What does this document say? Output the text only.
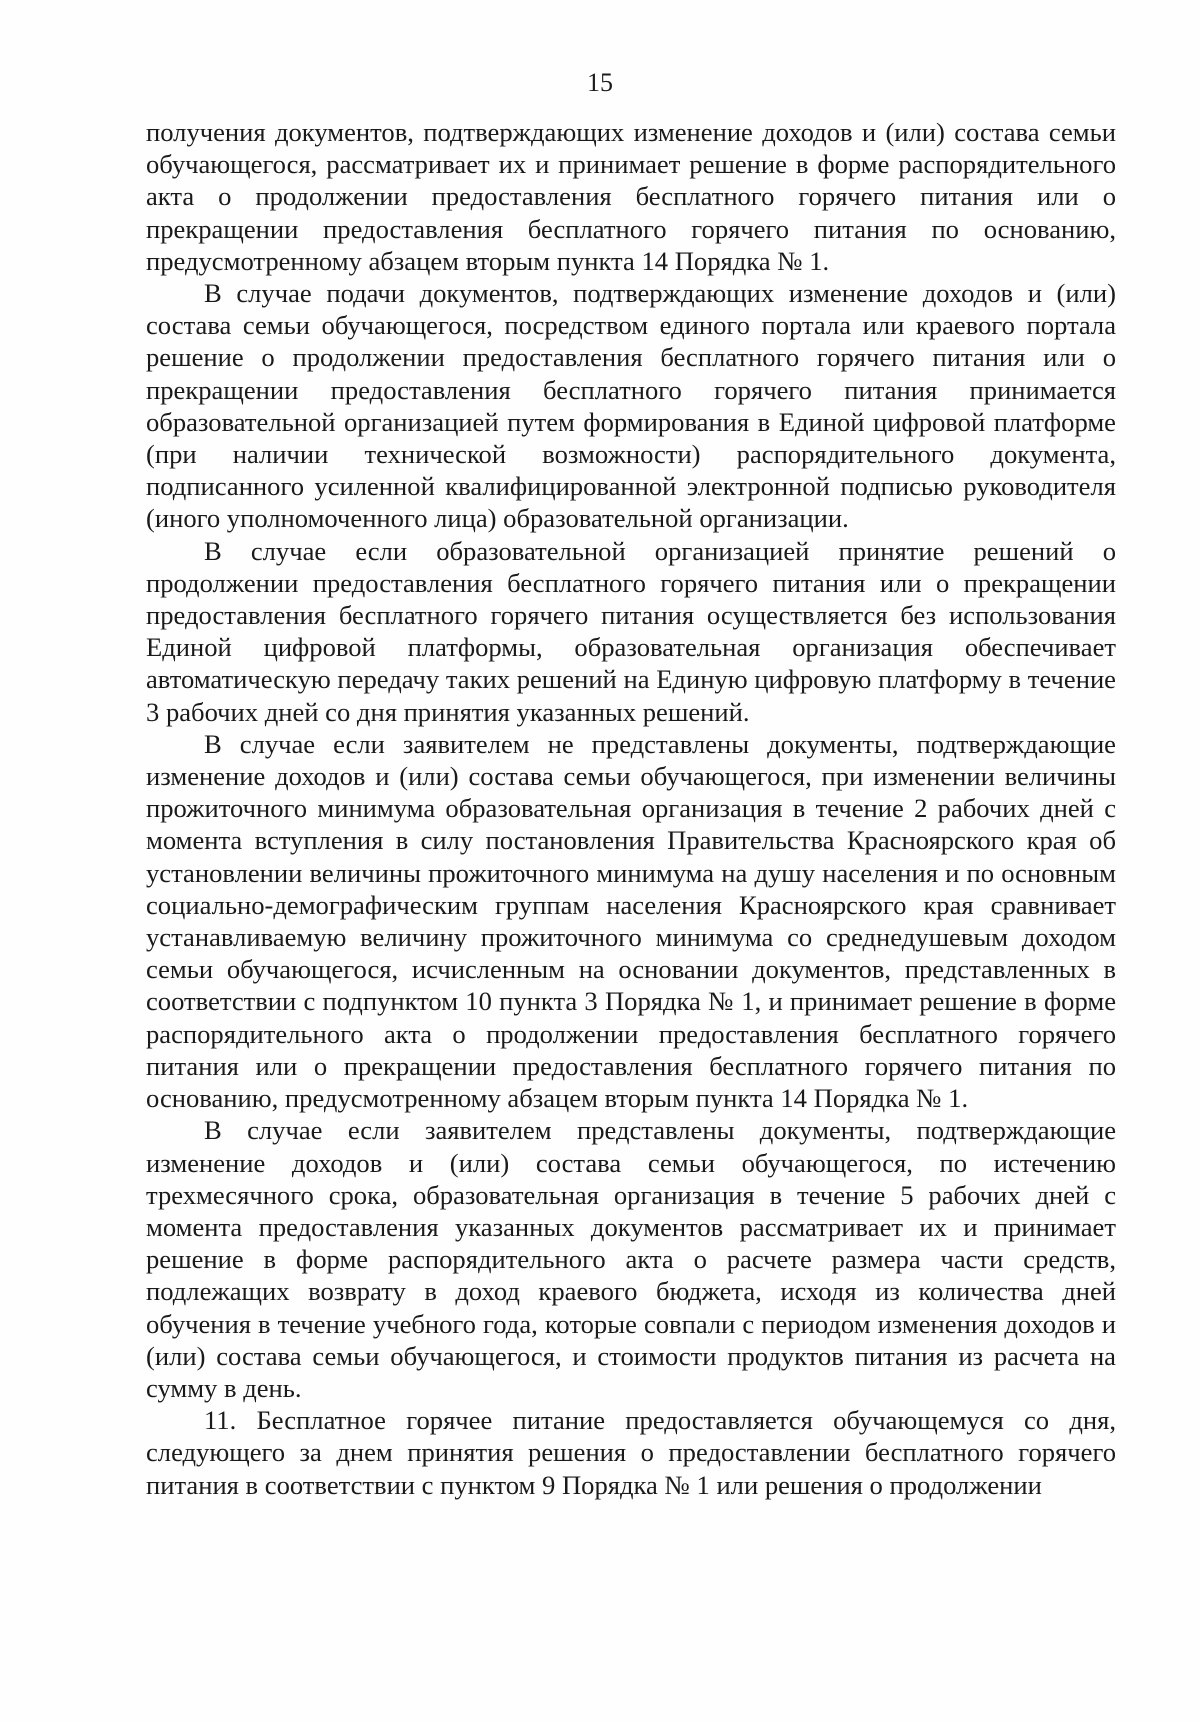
15

получения документов, подтверждающих изменение доходов и (или) состава семьи обучающегося, рассматривает их и принимает решение в форме распорядительного акта о продолжении предоставления бесплатного горячего питания или о прекращении предоставления бесплатного горячего питания по основанию, предусмотренному абзацем вторым пункта 14 Порядка № 1.

В случае подачи документов, подтверждающих изменение доходов и (или) состава семьи обучающегося, посредством единого портала или краевого портала решение о продолжении предоставления бесплатного горячего питания или о прекращении предоставления бесплатного горячего питания принимается образовательной организацией путем формирования в Единой цифровой платформе (при наличии технической возможности) распорядительного документа, подписанного усиленной квалифицированной электронной подписью руководителя (иного уполномоченного лица) образовательной организации.

В случае если образовательной организацией принятие решений о продолжении предоставления бесплатного горячего питания или о прекращении предоставления бесплатного горячего питания осуществляется без использования Единой цифровой платформы, образовательная организация обеспечивает автоматическую передачу таких решений на Единую цифровую платформу в течение 3 рабочих дней со дня принятия указанных решений.

В случае если заявителем не представлены документы, подтверждающие изменение доходов и (или) состава семьи обучающегося, при изменении величины прожиточного минимума образовательная организация в течение 2 рабочих дней с момента вступления в силу постановления Правительства Красноярского края об установлении величины прожиточного минимума на душу населения и по основным социально-демографическим группам населения Красноярского края сравнивает устанавливаемую величину прожиточного минимума со среднедушевым доходом семьи обучающегося, исчисленным на основании документов, представленных в соответствии с подпунктом 10 пункта 3 Порядка № 1, и принимает решение в форме распорядительного акта о продолжении предоставления бесплатного горячего питания или о прекращении предоставления бесплатного горячего питания по основанию, предусмотренному абзацем вторым пункта 14 Порядка № 1.

В случае если заявителем представлены документы, подтверждающие изменение доходов и (или) состава семьи обучающегося, по истечению трехмесячного срока, образовательная организация в течение 5 рабочих дней с момента предоставления указанных документов рассматривает их и принимает решение в форме распорядительного акта о расчете размера части средств, подлежащих возврату в доход краевого бюджета, исходя из количества дней обучения в течение учебного года, которые совпали с периодом изменения доходов и (или) состава семьи обучающегося, и стоимости продуктов питания из расчета на сумму в день.

11. Бесплатное горячее питание предоставляется обучающемуся со дня, следующего за днем принятия решения о предоставлении бесплатного горячего питания в соответствии с пунктом 9 Порядка № 1 или решения о продолжении
